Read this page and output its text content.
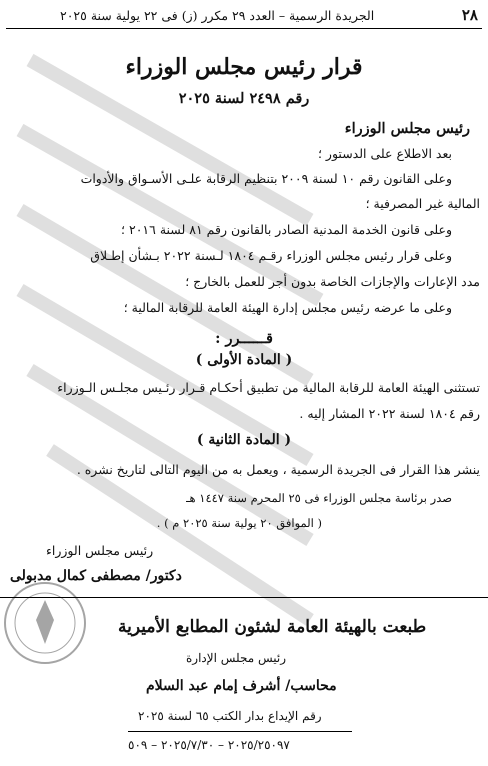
٢٨
الجريدة الرسمية – العدد ٢٩ مكرر (ز) فى ٢٢ يولية سنة ٢٠٢٥
قرار رئيس مجلس الوزراء
رقم ٢٤٩٨ لسنة ٢٠٢٥
رئيس مجلس الوزراء
بعد الاطلاع على الدستور ؛
وعلى القانون رقم ١٠ لسنة ٢٠٠٩ بتنظيم الرقابة علـى الأسـواق والأدوات
المالية غير المصرفية ؛
وعلى قانون الخدمة المدنية الصادر بالقانون رقم ٨١ لسنة ٢٠١٦ ؛
وعلى قرار رئيس مجلس الوزراء رقـم ١٨٠٤ لـسنة ٢٠٢٢ بـشأن إطـلاق
مدد الإعارات والإجازات الخاصة بدون أجر للعمل بالخارج ؛
وعلى ما عرضه رئيس مجلس إدارة الهيئة العامة للرقابة المالية ؛
قــــــرر :
( المادة الأولى )
تستثنى الهيئة العامة للرقابة المالية من تطبيق أحكـام قـرار رئـيس مجلـس الـوزراء
رقم ١٨٠٤ لسنة ٢٠٢٢ المشار إليه .
( المادة الثانية )
ينشر هذا القرار فى الجريدة الرسمية ، ويعمل به من اليوم التالى لتاريخ نشره .
صدر برئاسة مجلس الوزراء فى ٢٥ المحرم سنة ١٤٤٧ هـ
( الموافق ٢٠ يولية سنة ٢٠٢٥ م ) .
رئيس مجلس الوزراء
دكتور/ مصطفى كمال مدبولى
طبعت بالهيئة العامة لشئون المطابع الأميرية
رئيس مجلس الإدارة
محاسب/ أشرف إمام عبد السلام
رقم الإيداع بدار الكتب ٦٥ لسنة ٢٠٢٥
٢٠٢٥/٢٥٠٩٧ – ٢٠٢٥/٧/٣٠ – ٥٠٩
